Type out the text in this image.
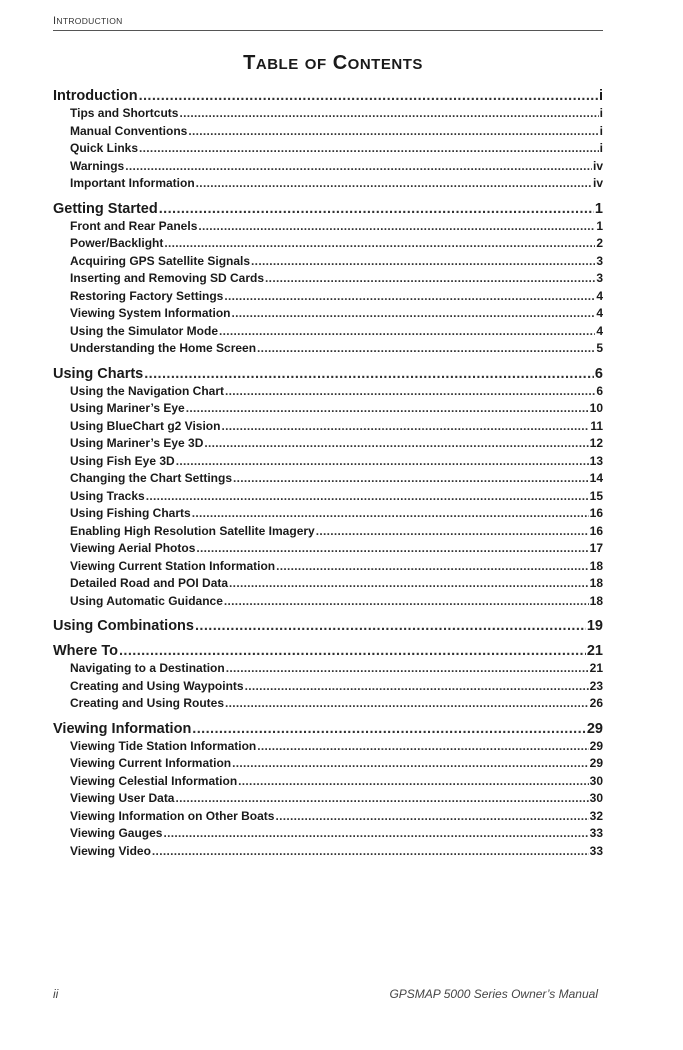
INTRODUCTION
TABLE OF CONTENTS
Introduction .....	i
Tips and Shortcuts .....	i
Manual Conventions .....	i
Quick Links .....	i
Warnings .....	iv
Important Information .....	iv
Getting Started .....	1
Front and Rear Panels .....	1
Power/Backlight .....	2
Acquiring GPS Satellite Signals .....	3
Inserting and Removing SD Cards .....	3
Restoring Factory Settings .....	4
Viewing System Information .....	4
Using the Simulator Mode .....	4
Understanding the Home Screen .....	5
Using Charts .....	6
Using the Navigation Chart .....	6
Using Mariner’s Eye .....	10
Using BlueChart g2 Vision .....	11
Using Mariner’s Eye 3D .....	12
Using Fish Eye 3D .....	13
Changing the Chart Settings .....	14
Using Tracks .....	15
Using Fishing Charts .....	16
Enabling High Resolution Satellite Imagery .....	16
Viewing Aerial Photos .....	17
Viewing Current Station Information .....	18
Detailed Road and POI Data .....	18
Using Automatic Guidance .....	18
Using Combinations .....	19
Where To .....	21
Navigating to a Destination .....	21
Creating and Using Waypoints .....	23
Creating and Using Routes .....	26
Viewing Information .....	29
Viewing Tide Station Information .....	29
Viewing Current Information .....	29
Viewing Celestial Information .....	30
Viewing User Data .....	30
Viewing Information on Other Boats .....	32
Viewing Gauges .....	33
Viewing Video .....	33
ii	GPSMAP 5000 Series Owner’s Manual
